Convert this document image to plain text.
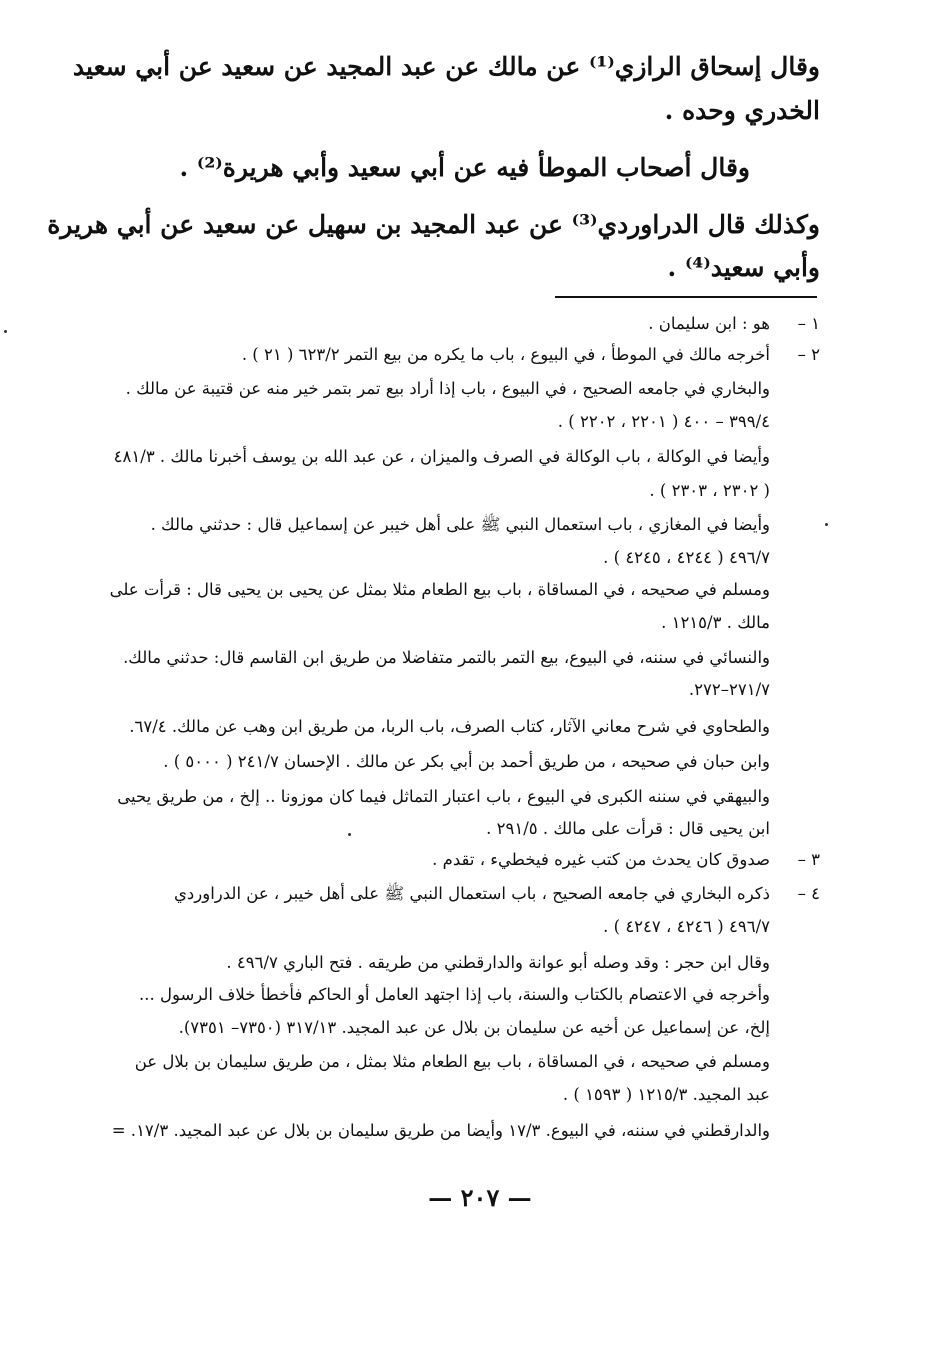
وقال إسحاق الرازي⁽¹⁾ عن مالك عن عبد المجيد عن سعيد عن أبي سعيد
الخدري وحده .
وقال أصحاب الموطأ فيه عن أبي سعيد وأبي هريرة⁽²⁾ .
وكذلك قال الدراوردي⁽³⁾ عن عبد المجيد بن سهيل عن سعيد عن أبي هريرة
وأبي سعيد⁽⁴⁾ .
١ –
هو : ابن سليمان .
٢ –
أخرجه مالك في الموطأ ، في البيوع ، باب ما يكره من بيع التمر ٦٢٣/٢ ( ٢١ ) .
والبخاري في جامعه الصحيح ، في البيوع ، باب إذا أراد بيع تمر بتمر خير منه عن قتيبة عن مالك .
٣٩٩/٤ – ٤٠٠ ( ٢٢٠١ ، ٢٢٠٢ ) .
وأيضا في الوكالة ، باب الوكالة في الصرف والميزان ، عن عبد الله بن يوسف أخبرنا مالك . ٤٨١/٣
( ٢٣٠٢ ، ٢٣٠٣ ) .
وأيضا في المغازي ، باب استعمال النبي ﷺ على أهل خيبر عن إسماعيل قال : حدثني مالك .
٤٩٦/٧ ( ٤٢٤٤ ، ٤٢٤٥ ) .
ومسلم في صحيحه ، في المساقاة ، باب بيع الطعام مثلا بمثل عن يحيى بن يحيى قال : قرأت على
مالك . ١٢١٥/٣ .
والنسائي في سننه، في البيوع، بيع التمر بالتمر متفاضلا من طريق ابن القاسم قال: حدثني مالك.
٢٧١/٧–٢٧٢.
والطحاوي في شرح معاني الآثار، كتاب الصرف، باب الربا، من طريق ابن وهب عن مالك. ٦٧/٤.
وابن حبان في صحيحه ، من طريق أحمد بن أبي بكر عن مالك . الإحسان ٢٤١/٧ ( ٥٠٠٠ ) .
والبيهقي في سننه الكبرى في البيوع ، باب اعتبار التماثل فيما كان موزونا .. إلخ ، من طريق يحيى
ابن يحيى قال : قرأت على مالك . ٢٩١/٥ .
٣ –
صدوق كان يحدث من كتب غيره فيخطيء ، تقدم .
٤ –
ذكره البخاري في جامعه الصحيح ، باب استعمال النبي ﷺ على أهل خيبر ، عن الدراوردي
٤٩٦/٧ ( ٤٢٤٦ ، ٤٢٤٧ ) .
وقال ابن حجر : وقد وصله أبو عوانة والدارقطني من طريقه . فتح الباري ٤٩٦/٧ .
وأخرجه في الاعتصام بالكتاب والسنة، باب إذا اجتهد العامل أو الحاكم فأخطأ خلاف الرسول ...
إلخ، عن إسماعيل عن أخيه عن سليمان بن بلال عن عبد المجيد. ٣١٧/١٣ (٧٣٥٠– ٧٣٥١).
ومسلم في صحيحه ، في المساقاة ، باب بيع الطعام مثلا بمثل ، من طريق سليمان بن بلال عن
عبد المجيد. ١٢١٥/٣ ( ١٥٩٣ ) .
والدارقطني في سننه، في البيوع. ١٧/٣ وأيضا من طريق سليمان بن بلال عن عبد المجيد. ١٧/٣. =
— ٢٠٧ —
